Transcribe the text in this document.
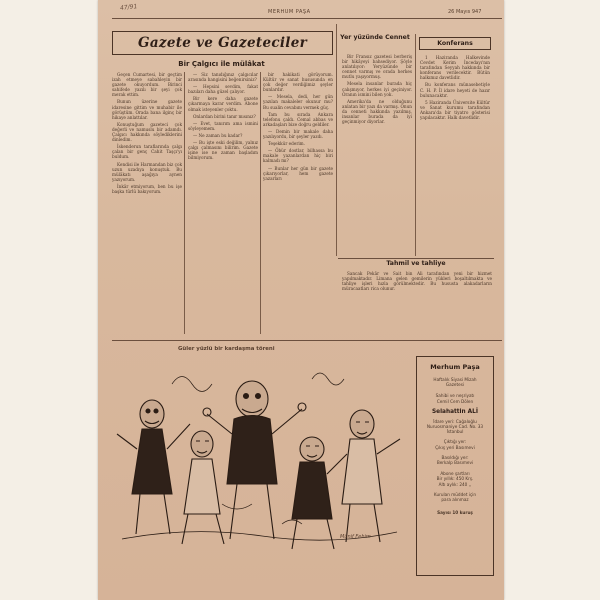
47/91
MERHUM PAŞA	26 Mayıs 947
Gazete ve Gazeteciler
Bir Çalgıcı ile mülâkat

Geçen Cumartesi, bir geçtim izah etmeye sabahleyin bir gazete okuyordum. Birinci sahifede yazılı bir şeyi çok merak ettim.

Bunun üzerine gazete idaresine gittim ve muhabir ile görüştüm. Orada bana ilginç bir hikaye anlattılar.

Konuştuğum gazeteci çok değerli ve namuslu bir adamdı. Çalgıcı hakkında söylediklerini dinledim.

İskenderun taraflarında çalgı çalan bir genç Cahit Taşçı'yı buldum.

Kendisi ile Harmandan biz çok uzun uzadıya konuştuk. Bu mülâkatı aşağıya aynen yazıyorum.

İnkâr etmiyorum, ben bu işe başka türlü bakıyorum.

— Siz tanıdığınız çalgıcılar arasında hangisini beğenirsiniz?

— Hepsini sevdim, fakat bazıları daha güzel çalıyor.

Bir kere daha gazete çıkarmaya karar verdim. Abone olmak isteyenler çoktu.

Onlardan birini tanır mısınız?

— Evet, tanırım ama ismini söyleyemem.

— Ne zaman bu kadar?

— Bu işte eski değilim, yalnız çalgı çalmasını bilirim. Gazete işine ise ne zaman başladım bilmiyorum.

bir hakikati görüyorum. Kültür ve sanat hususunda en çok değer verdiğimiz şeyler bunlardır.

— Mesela, dedi, her gün yazılan makaleler okunur mu? Bu sualin cevabını vermek güç.

Tam bu sırada Ankara telefonu çaldı. Cemal abbas ve arkadaşları bize doğru geldiler.

— Demin bir makale daha yazılıyordu, bir şeyler yazdı.

Teşekkür ederim.

— Öbür dostlar, bilhassa bu makale yazanlardan hiç biri kalmadı mı?

— Bunlar her gün bir gazete çıkarıyorlar, hem gazete yazarları

Yer yüzünde Cennet

Bir Fransız gazetesi berberiş bir hikâyeyi bahsediyor. Şöyle anlatılıyor: Yeryüzünde bir cennet varmış ve orada herkes mutlu yaşıyormuş.

Mesela insanlar burada hiç çalışmıyor, herkes iyi geçiniyor. Oranın ismini bilen yok.

Amerika'da ne olduğunu anlatan bir yazı da varmış. Onun da cenneti hakkında yazılmış, insanlar burada da iyi geçinmiyor diyorlar.

Konferans

1 Haziranda Halkevinde Cevdet Kerim İncedayı'nın tarafından Seyyah hakkında bir konferans verilecektir. Bütün halkımız davetlidir.

Bu konferans münasebetiyle C. H. P. İl idare heyeti de hazır bulunacaktır.

5 Haziranda Üniversite Kültür ve Sanat kurumu tarafından Ankara'da bir tiyatro gösterisi yapılacaktır. Halk davetlidir.

Tahmil ve tahliye

Sancak Pekâr ve Sait bin Ali tarafından yeni bir hizmet yapılmaktadır. Limana gelen gemilerin yükleri boşaltılmakta ve tahliye işleri hızla görülmektedir. Bu hususta alakadarların müracaatları rica olunur.

Güler yüzlü bir kardaşma töreni
Münif Fehim
Merhum Paşa
Haftalık Siyasi Mizah
Gazetesi
Sahibi ve neşriyatı
Cemil Cem Dölen
Selahattin ALİ
İdare yeri: Cağaloğlu
Nuruosmaniye Cad. No. 33
İstanbul
Çıktığı yer:
Çıkış yeri Basımevi
Basıldığı yer:
Berkalp Basımevi
Abone şartları
Bir yıllık: 450 Krş.
Altı aylık: 240 ,,
Kurulan müddet için
para alınmaz
Sayısı 10 kuruş
